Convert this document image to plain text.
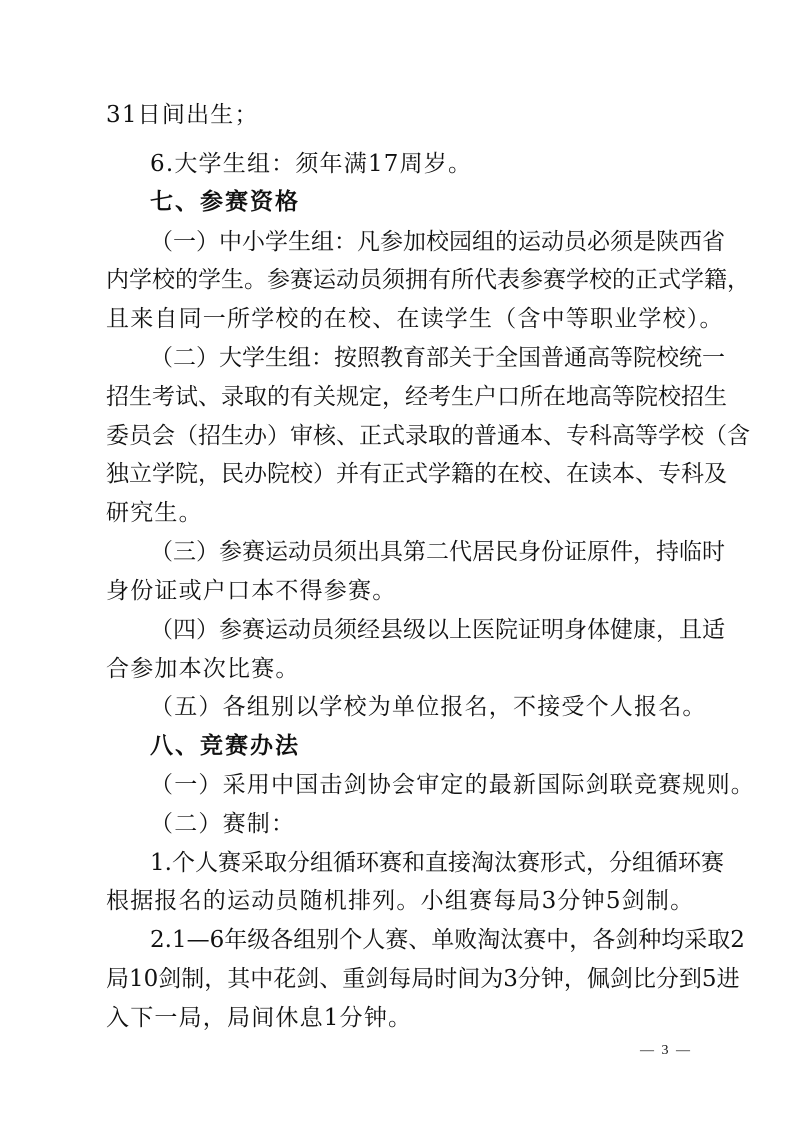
31日间出生；
6.大学生组：须年满17周岁。
七、参赛资格
（ 一 ） 中 小 学 生 组 ： 凡 参 加 校 园 组 的 运 动 员 必 须 是 陕 西 省
内 学 校 的 学 生 。 参 赛 运 动 员 须 拥 有 所 代 表 参 赛 学 校 的 正 式 学 籍 ，
且来自同一所学校的在校、在读学生（含中等职业学校）。
（ 二 ） 大 学 生 组 ： 按 照 教 育 部 关 于 全 国 普 通 高 等 院 校 统 一
招 生 考 试 、 录 取 的 有 关 规 定 ， 经 考 生 户 口 所 在 地 高 等 院 校 招 生
委 员 会 （ 招 生 办 ） 审 核 、 正 式 录 取 的 普 通 本 、 专 科 高 等 学 校 （ 含
独 立 学 院 ， 民 办 院 校 ） 并 有 正 式 学 籍 的 在 校 、 在 读 本 、 专 科 及
研究生。
（ 三 ） 参 赛 运 动 员 须 出 具 第 二 代 居 民 身 份 证 原 件 ， 持 临 时
身份证或户口本不得参赛。
（ 四 ） 参 赛 运 动 员 须 经 县 级 以 上 医 院 证 明 身 体 健 康 ， 且 适
合参加本次比赛。
（五）各组别以学校为单位报名，不接受个人报名。
八、竞赛办法
（一）采用中国击剑协会审定的最新国际剑联竞赛规则。
（二）赛制：
1 . 个 人 赛 采 取 分 组 循 环 赛 和 直 接 淘 汰 赛 形 式 ， 分 组 循 环 赛
根据报名的运动员随机排列。小组赛每局3分钟5剑制。
2 . 1 — 6 年 级 各 组 别 个 人 赛 、 单 败 淘 汰 赛 中 ， 各 剑 种 均 采 取 2
局 1 0 剑 制 ， 其 中 花 剑 、 重 剑 每 局 时 间 为 3 分 钟 ， 佩 剑 比 分 到 5 进
入下一局，局间休息1分钟。
— 3 —
